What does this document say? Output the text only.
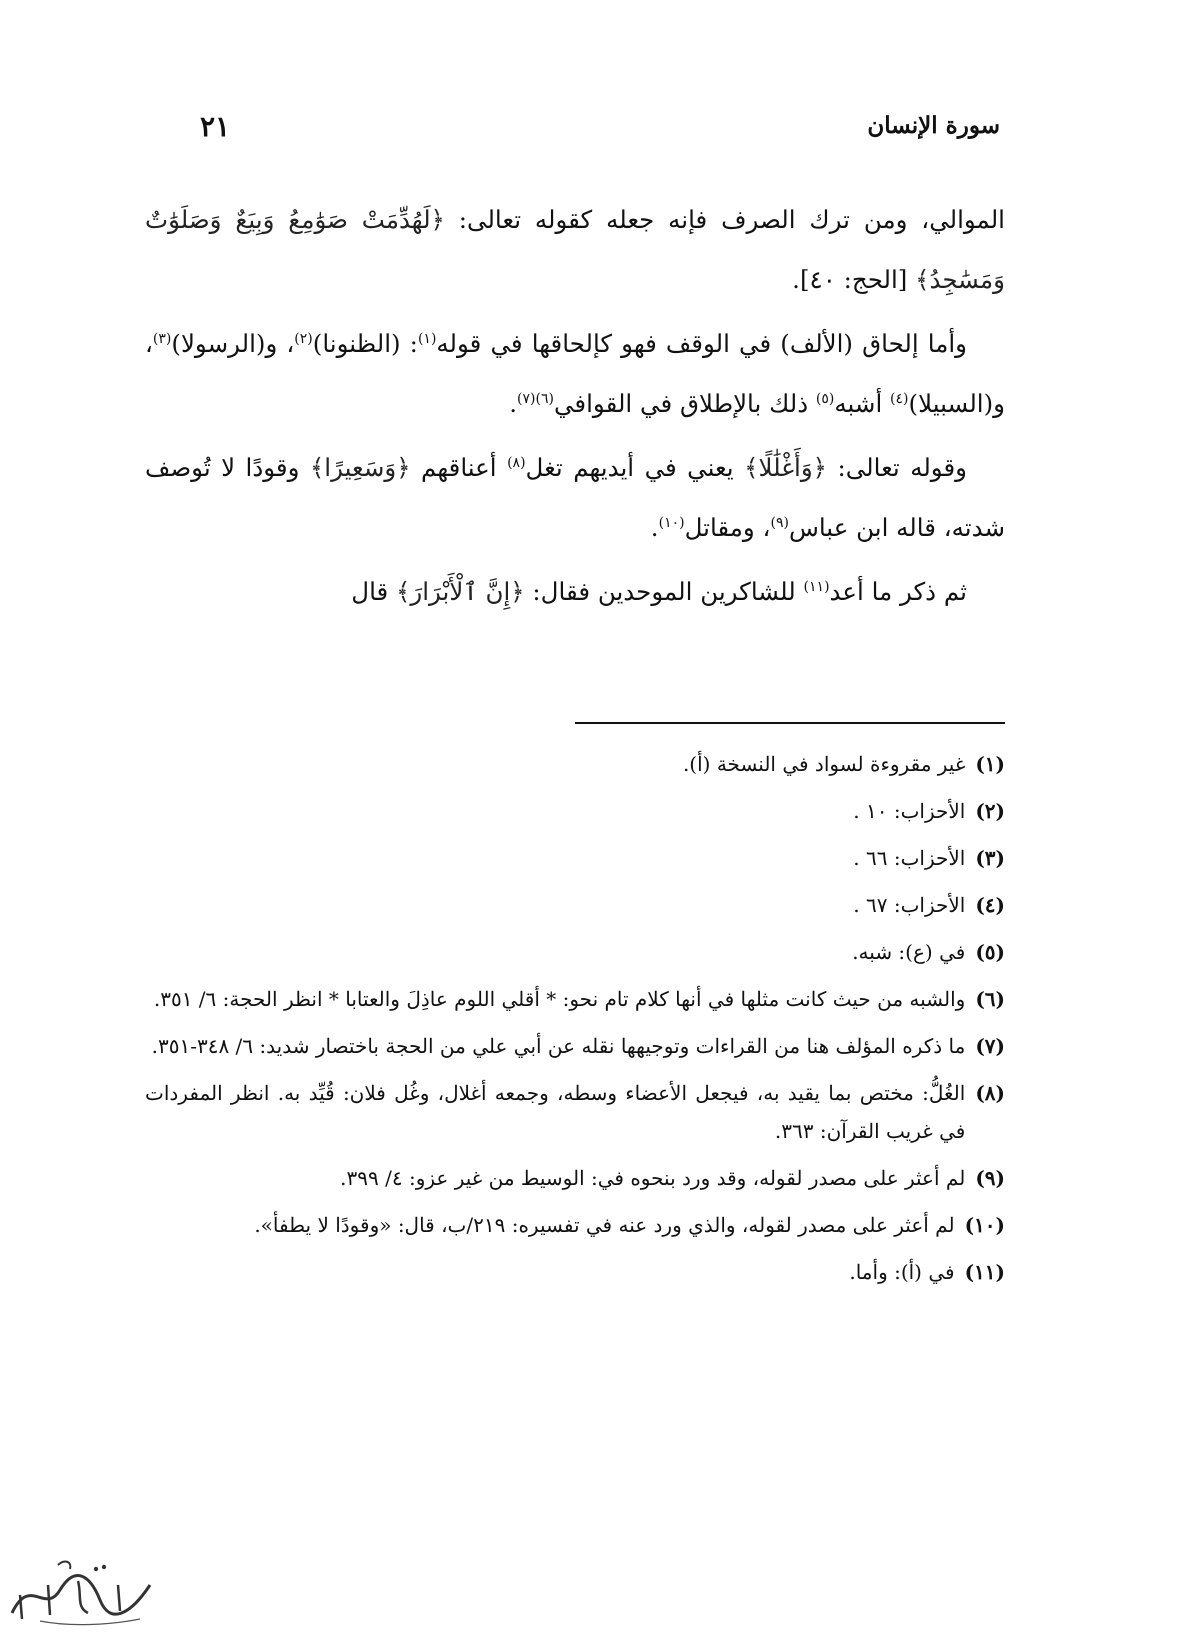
سورة الإنسان
٢١

الموالي، ومن ترك الصرف فإنه جعله كقوله تعالى: ﴿لَهُدِّمَتْ صَوَٰمِعُ وَبِيَعٌ وَصَلَوَٰتٌ وَمَسَٰجِدُ﴾ [الحج: ٤٠].

وأما إلحاق (الألف) في الوقف فهو كإلحاقها في قوله$^{(١)}$: (الظنونا)$^{(٢)}$، و(الرسولا)$^{(٣)}$، و(السبيلا)$^{(٤)}$ أشبه$^{(٥)}$ ذلك بالإطلاق في القوافي$^{(٦)(٧)}$.

وقوله تعالى: ﴿وَأَغْلَٰلًا﴾ يعني في أيديهم تغل$^{(٨)}$ أعناقهم ﴿وَسَعِيرًا﴾ وقودًا لا تُوصف شدته، قاله ابن عباس$^{(٩)}$، ومقاتل$^{(١٠)}$.

ثم ذكر ما أعد$^{(١١)}$ للشاكرين الموحدين فقال: ﴿إِنَّ ٱلْأَبْرَارَ﴾ قال

(١)
غير مقروءة لسواد في النسخة (أ).
(٢)
الأحزاب: ١٠ .
(٣)
الأحزاب: ٦٦ .
(٤)
الأحزاب: ٦٧ .
(٥)
في (ع): شبه.
(٦)
والشبه من حيث كانت مثلها في أنها كلام تام نحو: * أقلي اللوم عاذِلَ والعتابا * انظر الحجة: ٦/ ٣٥١.
(٧)
ما ذكره المؤلف هنا من القراءات وتوجيهها نقله عن أبي علي من الحجة باختصار شديد: ٦/ ٣٤٨-٣٥١.
(٨)
الغُلُّ: مختص بما يقيد به، فيجعل الأعضاء وسطه، وجمعه أغلال، وغُل فلان: قُيِّد به. انظر المفردات في غريب القرآن: ٣٦٣.
(٩)
لم أعثر على مصدر لقوله، وقد ورد بنحوه في: الوسيط من غير عزو: ٤/ ٣٩٩.
(١٠)
لم أعثر على مصدر لقوله، والذي ورد عنه في تفسيره: ٢١٩/ب، قال: «وقودًا لا يطفأ».
(١١)
في (أ): وأما.
